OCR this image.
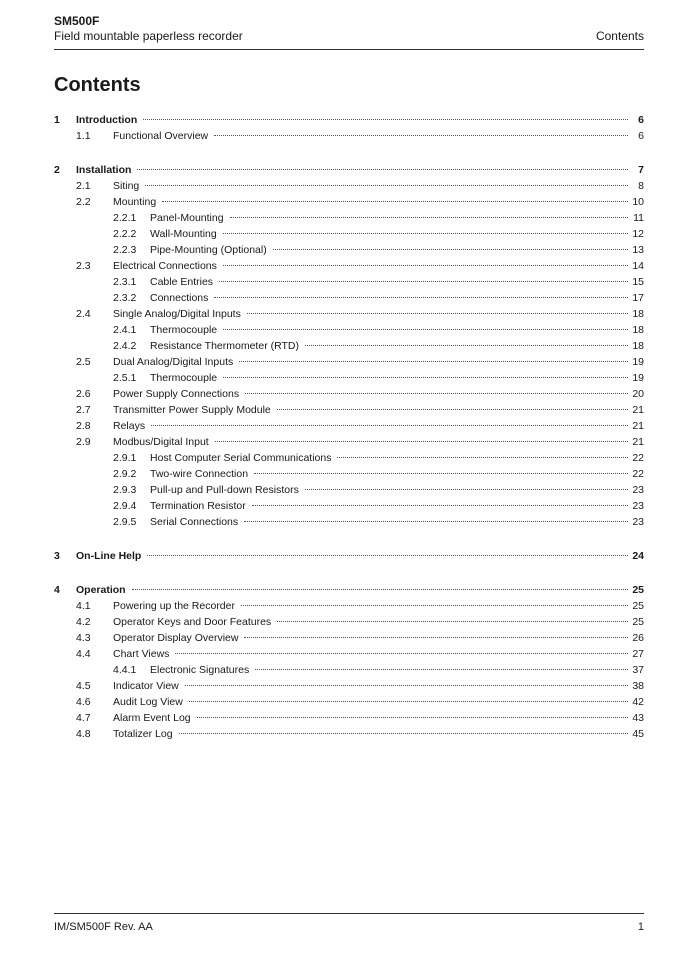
SM500F
Field mountable paperless recorder	Contents
Contents
1	Introduction	6
1.1	Functional Overview	6
2	Installation	7
2.1	Siting	8
2.2	Mounting	10
2.2.1	Panel-Mounting	11
2.2.2	Wall-Mounting	12
2.2.3	Pipe-Mounting (Optional)	13
2.3	Electrical Connections	14
2.3.1	Cable Entries	15
2.3.2	Connections	17
2.4	Single Analog/Digital Inputs	18
2.4.1	Thermocouple	18
2.4.2	Resistance Thermometer (RTD)	18
2.5	Dual Analog/Digital Inputs	19
2.5.1	Thermocouple	19
2.6	Power Supply Connections	20
2.7	Transmitter Power Supply Module	21
2.8	Relays	21
2.9	Modbus/Digital Input	21
2.9.1	Host Computer Serial Communications	22
2.9.2	Two-wire Connection	22
2.9.3	Pull-up and Pull-down Resistors	23
2.9.4	Termination Resistor	23
2.9.5	Serial Connections	23
3	On-Line Help	24
4	Operation	25
4.1	Powering up the Recorder	25
4.2	Operator Keys and Door Features	25
4.3	Operator Display Overview	26
4.4	Chart Views	27
4.4.1	Electronic Signatures	37
4.5	Indicator View	38
4.6	Audit Log View	42
4.7	Alarm Event Log	43
4.8	Totalizer Log	45
IM/SM500F Rev. AA	1
